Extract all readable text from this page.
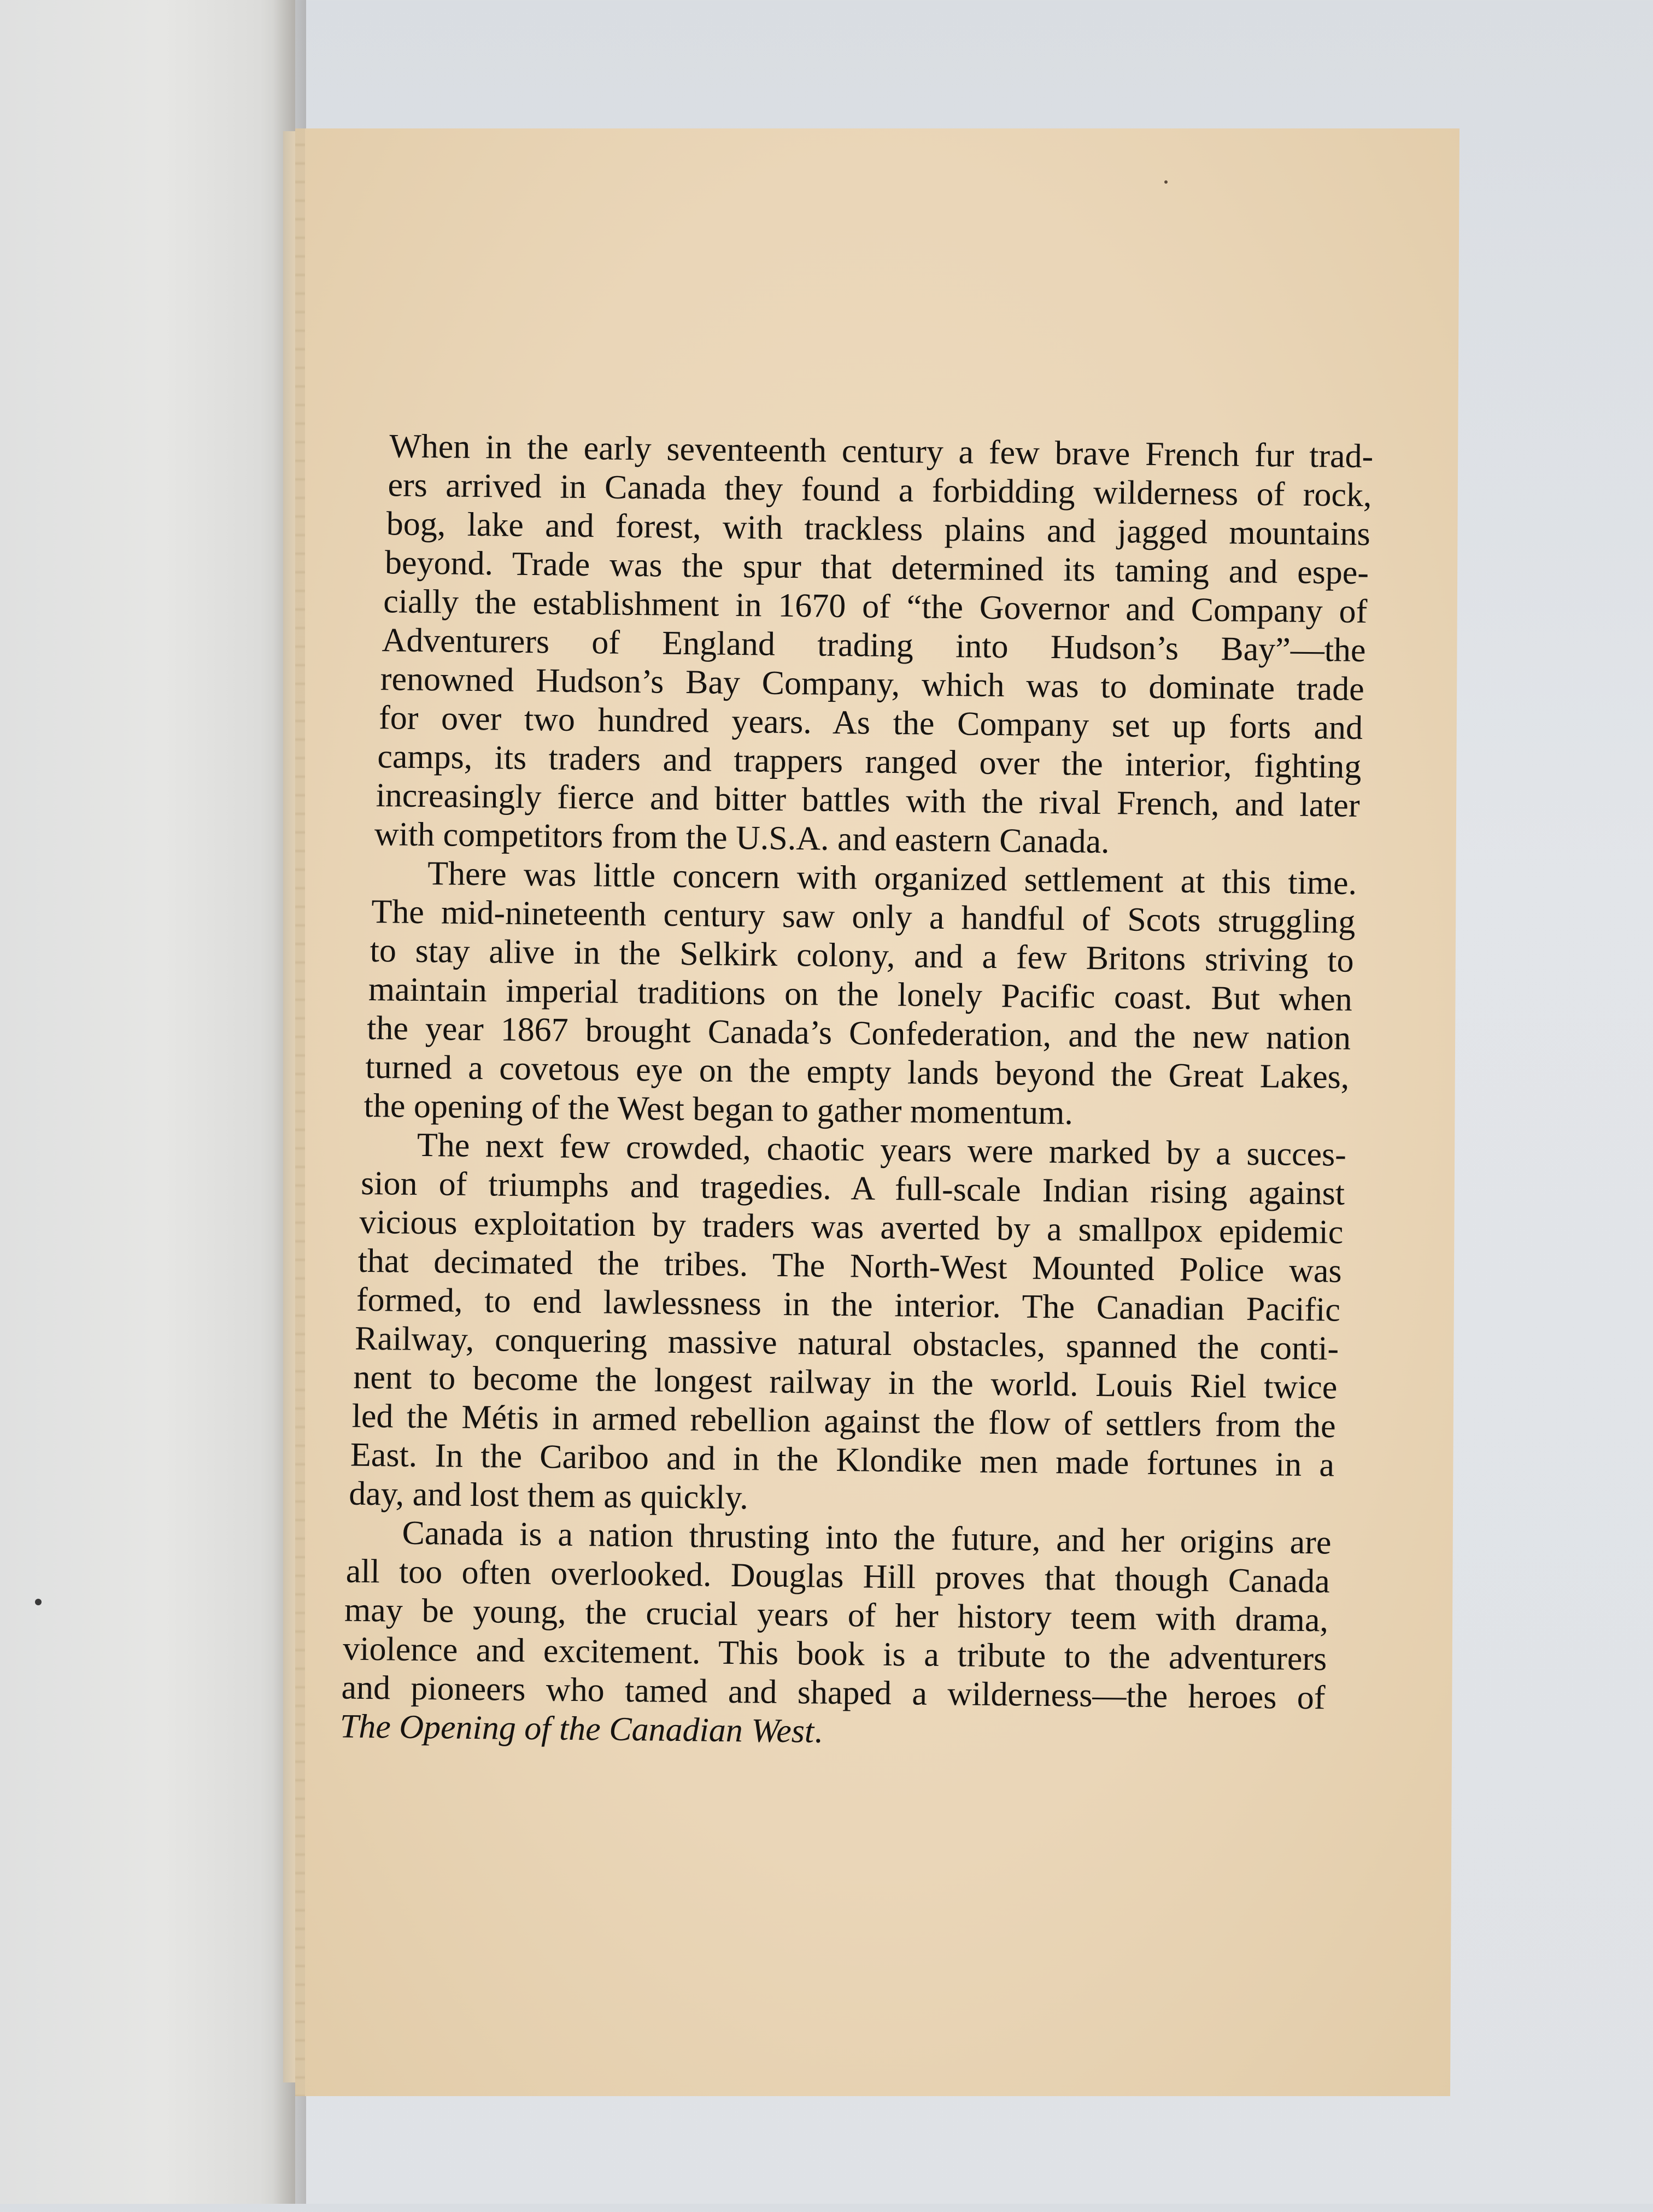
When in the early seventeenth century a few brave French fur trad-
ers arrived in Canada they found a forbidding wilderness of rock,
bog, lake and forest, with trackless plains and jagged mountains
beyond. Trade was the spur that determined its taming and espe-
cially the establishment in 1670 of “the Governor and Company of
Adventurers of England trading into Hudson’s Bay”—the
renowned Hudson’s Bay Company, which was to dominate trade
for over two hundred years. As the Company set up forts and
camps, its traders and trappers ranged over the interior, fighting
increasingly fierce and bitter battles with the rival French, and later
with competitors from the U.S.A. and eastern Canada.
There was little concern with organized settlement at this time.
The mid-nineteenth century saw only a handful of Scots struggling
to stay alive in the Selkirk colony, and a few Britons striving to
maintain imperial traditions on the lonely Pacific coast. But when
the year 1867 brought Canada’s Confederation, and the new nation
turned a covetous eye on the empty lands beyond the Great Lakes,
the opening of the West began to gather momentum.
The next few crowded, chaotic years were marked by a succes-
sion of triumphs and tragedies. A full-scale Indian rising against
vicious exploitation by traders was averted by a smallpox epidemic
that decimated the tribes. The North-West Mounted Police was
formed, to end lawlessness in the interior. The Canadian Pacific
Railway, conquering massive natural obstacles, spanned the conti-
nent to become the longest railway in the world. Louis Riel twice
led the Métis in armed rebellion against the flow of settlers from the
East. In the Cariboo and in the Klondike men made fortunes in a
day, and lost them as quickly.
Canada is a nation thrusting into the future, and her origins are
all too often overlooked. Douglas Hill proves that though Canada
may be young, the crucial years of her history teem with drama,
violence and excitement. This book is a tribute to the adventurers
and pioneers who tamed and shaped a wilderness—the heroes of
The Opening of the Canadian West.
